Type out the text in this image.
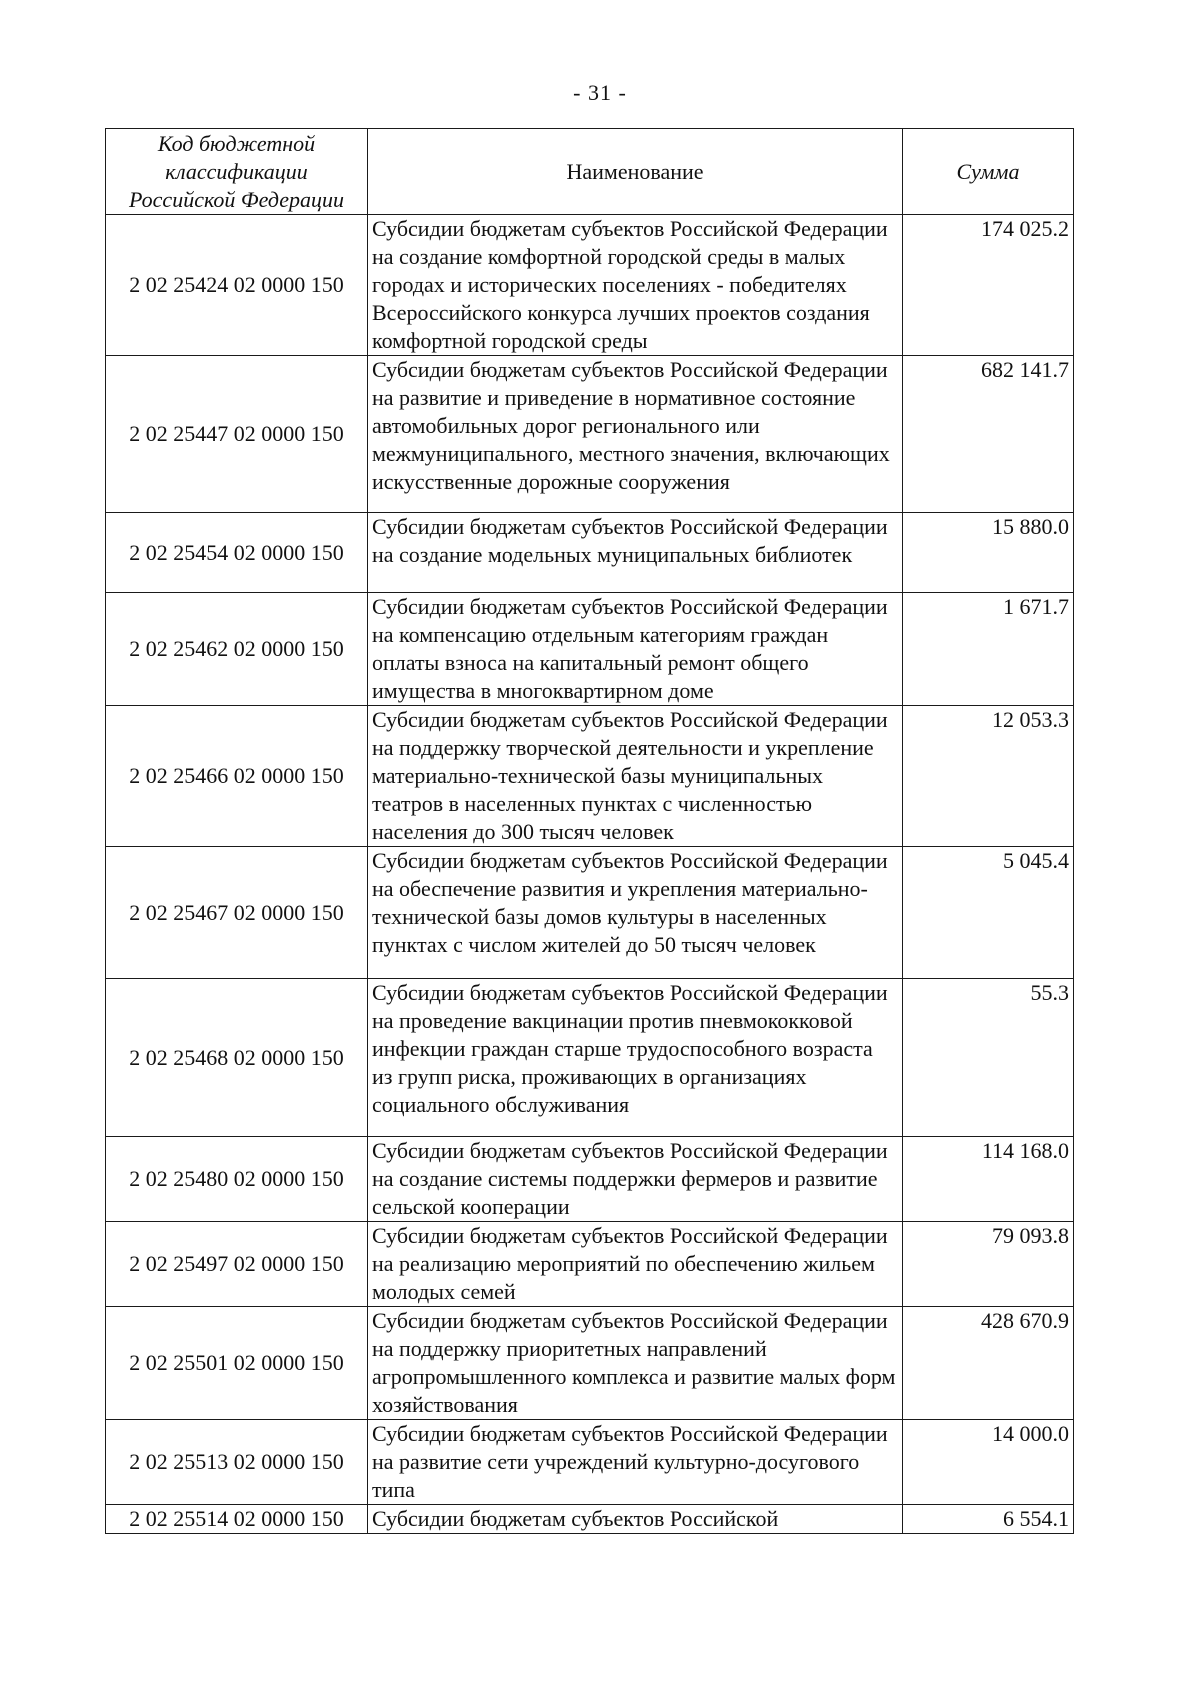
- 31 -
Код бюджетной классификации Российской Федерации	Наименование	Сумма
2 02 25424 02 0000 150	Субсидии бюджетам субъектов Российской Федерации на создание комфортной городской среды в малых городах и исторических поселениях - победителях Всероссийского конкурса лучших проектов создания комфортной городской среды	174 025.2
2 02 25447 02 0000 150	Субсидии бюджетам субъектов Российской Федерации на развитие и приведение в нормативное состояние автомобильных дорог регионального или межмуниципального, местного значения, включающих искусственные дорожные сооружения	682 141.7
2 02 25454 02 0000 150	Субсидии бюджетам субъектов Российской Федерации на создание модельных муниципальных библиотек	15 880.0
2 02 25462 02 0000 150	Субсидии бюджетам субъектов Российской Федерации на компенсацию отдельным категориям граждан оплаты взноса на капитальный ремонт общего имущества в многоквартирном доме	1 671.7
2 02 25466 02 0000 150	Субсидии бюджетам субъектов Российской Федерации на поддержку творческой деятельности и укрепление материально-технической базы муниципальных театров в населенных пунктах с численностью населения до 300 тысяч человек	12 053.3
2 02 25467 02 0000 150	Субсидии бюджетам субъектов Российской Федерации на обеспечение развития и укрепления материально-технической базы домов культуры в населенных пунктах с числом жителей до 50 тысяч человек	5 045.4
2 02 25468 02 0000 150	Субсидии бюджетам субъектов Российской Федерации на проведение вакцинации против пневмококковой инфекции граждан старше трудоспособного возраста из групп риска, проживающих в организациях социального обслуживания	55.3
2 02 25480 02 0000 150	Субсидии бюджетам субъектов Российской Федерации на создание системы поддержки фермеров и развитие сельской кооперации	114 168.0
2 02 25497 02 0000 150	Субсидии бюджетам субъектов Российской Федерации на реализацию мероприятий по обеспечению жильем молодых семей	79 093.8
2 02 25501 02 0000 150	Субсидии бюджетам субъектов Российской Федерации на поддержку приоритетных направлений агропромышленного комплекса и развитие малых форм хозяйствования	428 670.9
2 02 25513 02 0000 150	Субсидии бюджетам субъектов Российской Федерации на развитие сети учреждений культурно-досугового типа	14 000.0
2 02 25514 02 0000 150	Субсидии бюджетам субъектов Российской	6 554.1
